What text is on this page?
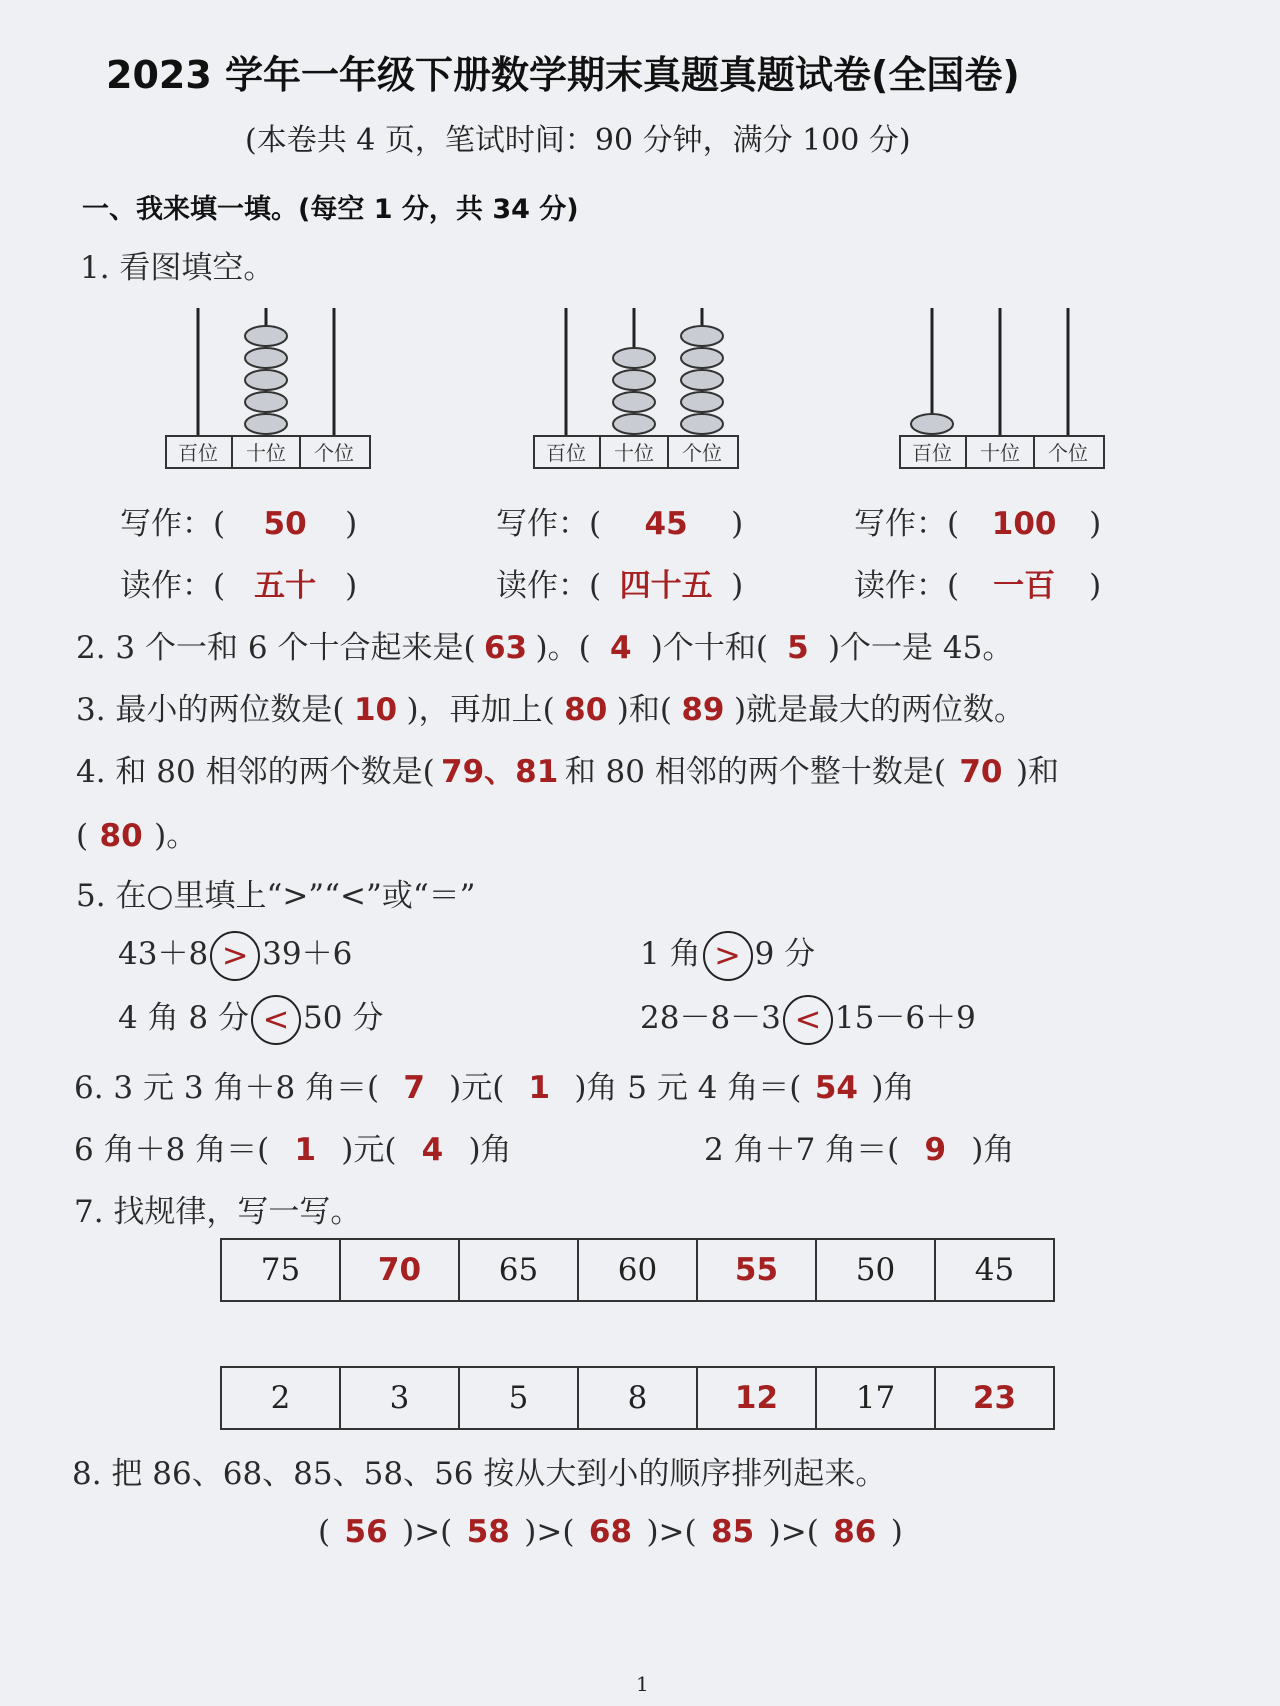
2023 学年一年级下册数学期末真题真题试卷(全国卷)
(本卷共 4 页，笔试时间：90 分钟，满分 100 分)
一、我来填一填。(每空 1 分，共 34 分)
1. 看图填空。
百位 十位 个位	百位 十位 个位	百位 十位 个位
写作：( 50 )
读作：( 五十 )
写作：( 45 )
读作：( 四十五 )
写作：( 100 )
读作：( 一百 )
2. 3 个一和 6 个十合起来是( 63 )。( 4 )个十和( 5 )个一是 45。
3. 最小的两位数是( 10 )，再加上( 80 )和( 89 )就是最大的两位数。
4. 和 80 相邻的两个数是( 79、81 和 80 相邻的两个整十数是( 70 )和
( 80 )。
5. 在○里填上“>”“<”或“＝”
43＋8 > 39＋6	1 角 > 9 分
4 角 8 分 < 50 分	28－8－3 < 15－6＋9
6. 3 元 3 角＋8 角＝( 7 )元( 1 )角 5 元 4 角＝( 54 )角
6 角＋8 角＝( 1 )元( 4 )角	2 角＋7 角＝( 9 )角
7. 找规律，写一写。
75	70	65	60	55	50	45
2	3	5	8	12	17	23
8. 把 86、68、85、58、56 按从大到小的顺序排列起来。
( 56 )>( 58 )>( 68 )>( 85 )>( 86 )
1
